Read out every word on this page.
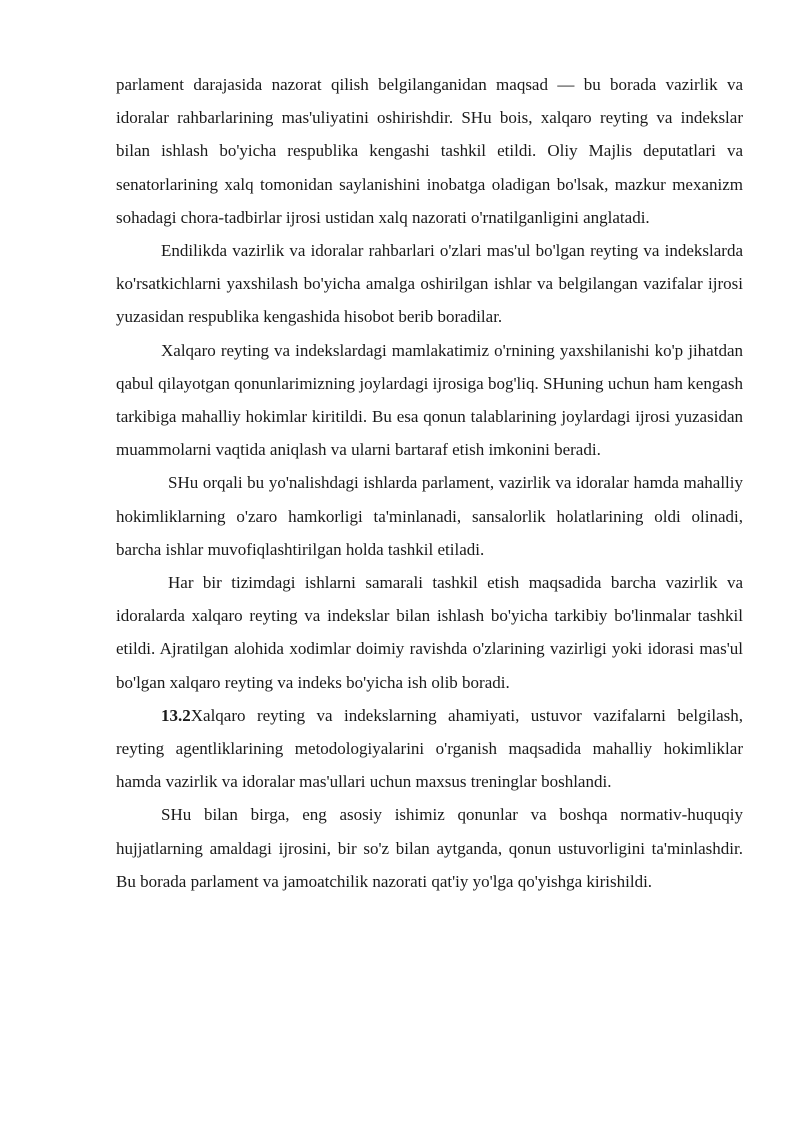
parlament darajasida nazorat qilish belgilanganidan maqsad — bu borada vazirlik va idoralar rahbarlarining mas'uliyatini oshirishdir. SHu bois, xalqaro reyting va indekslar bilan ishlash bo'yicha respublika kengashi tashkil etildi. Oliy Majlis deputatlari va senatorlarining xalq tomonidan saylanishini inobatga oladigan bo'lsak, mazkur mexanizm sohadagi chora-tadbirlar ijrosi ustidan xalq nazorati o'rnatilganligini anglatadi.

Endilikda vazirlik va idoralar rahbarlari o'zlari mas'ul bo'lgan reyting va indekslarda ko'rsatkichlarni yaxshilash bo'yicha amalga oshirilgan ishlar va belgilangan vazifalar ijrosi yuzasidan respublika kengashida hisobot berib boradilar.

Xalqaro reyting va indekslardagi mamlakatimiz o'rnining yaxshilanishi ko'p jihatdan qabul qilayotgan qonunlarimizning joylardagi ijrosiga bog'liq. SHuning uchun ham kengash tarkibiga mahalliy hokimlar kiritildi. Bu esa qonun talablarining joylardagi ijrosi yuzasidan muammolarni vaqtida aniqlash va ularni bartaraf etish imkonini beradi.

SHu orqali bu yo'nalishdagi ishlarda parlament, vazirlik va idoralar hamda mahalliy hokimliklarning o'zaro hamkorligi ta'minlanadi, sansalorlik holatlarining oldi olinadi, barcha ishlar muvofiqlashtirilgan holda tashkil etiladi.

Har bir tizimdagi ishlarni samarali tashkil etish maqsadida barcha vazirlik va idoralarda xalqaro reyting va indekslar bilan ishlash bo'yicha tarkibiy bo'linmalar tashkil etildi. Ajratilgan alohida xodimlar doimiy ravishda o'zlarining vazirligi yoki idorasi mas'ul bo'lgan xalqaro reyting va indeks bo'yicha ish olib boradi.

13.2Xalqaro reyting va indekslarning ahamiyati, ustuvor vazifalarni belgilash, reyting agentliklarining metodologiyalarini o'rganish maqsadida mahalliy hokimliklar hamda vazirlik va idoralar mas'ullari uchun maxsus treninglar boshlandi.

SHu bilan birga, eng asosiy ishimiz qonunlar va boshqa normativ-huquqiy hujjatlarning amaldagi ijrosini, bir so'z bilan aytganda, qonun ustuvorligini ta'minlashdir. Bu borada parlament va jamoatchilik nazorati qat'iy yo'lga qo'yishga kirishildi.
